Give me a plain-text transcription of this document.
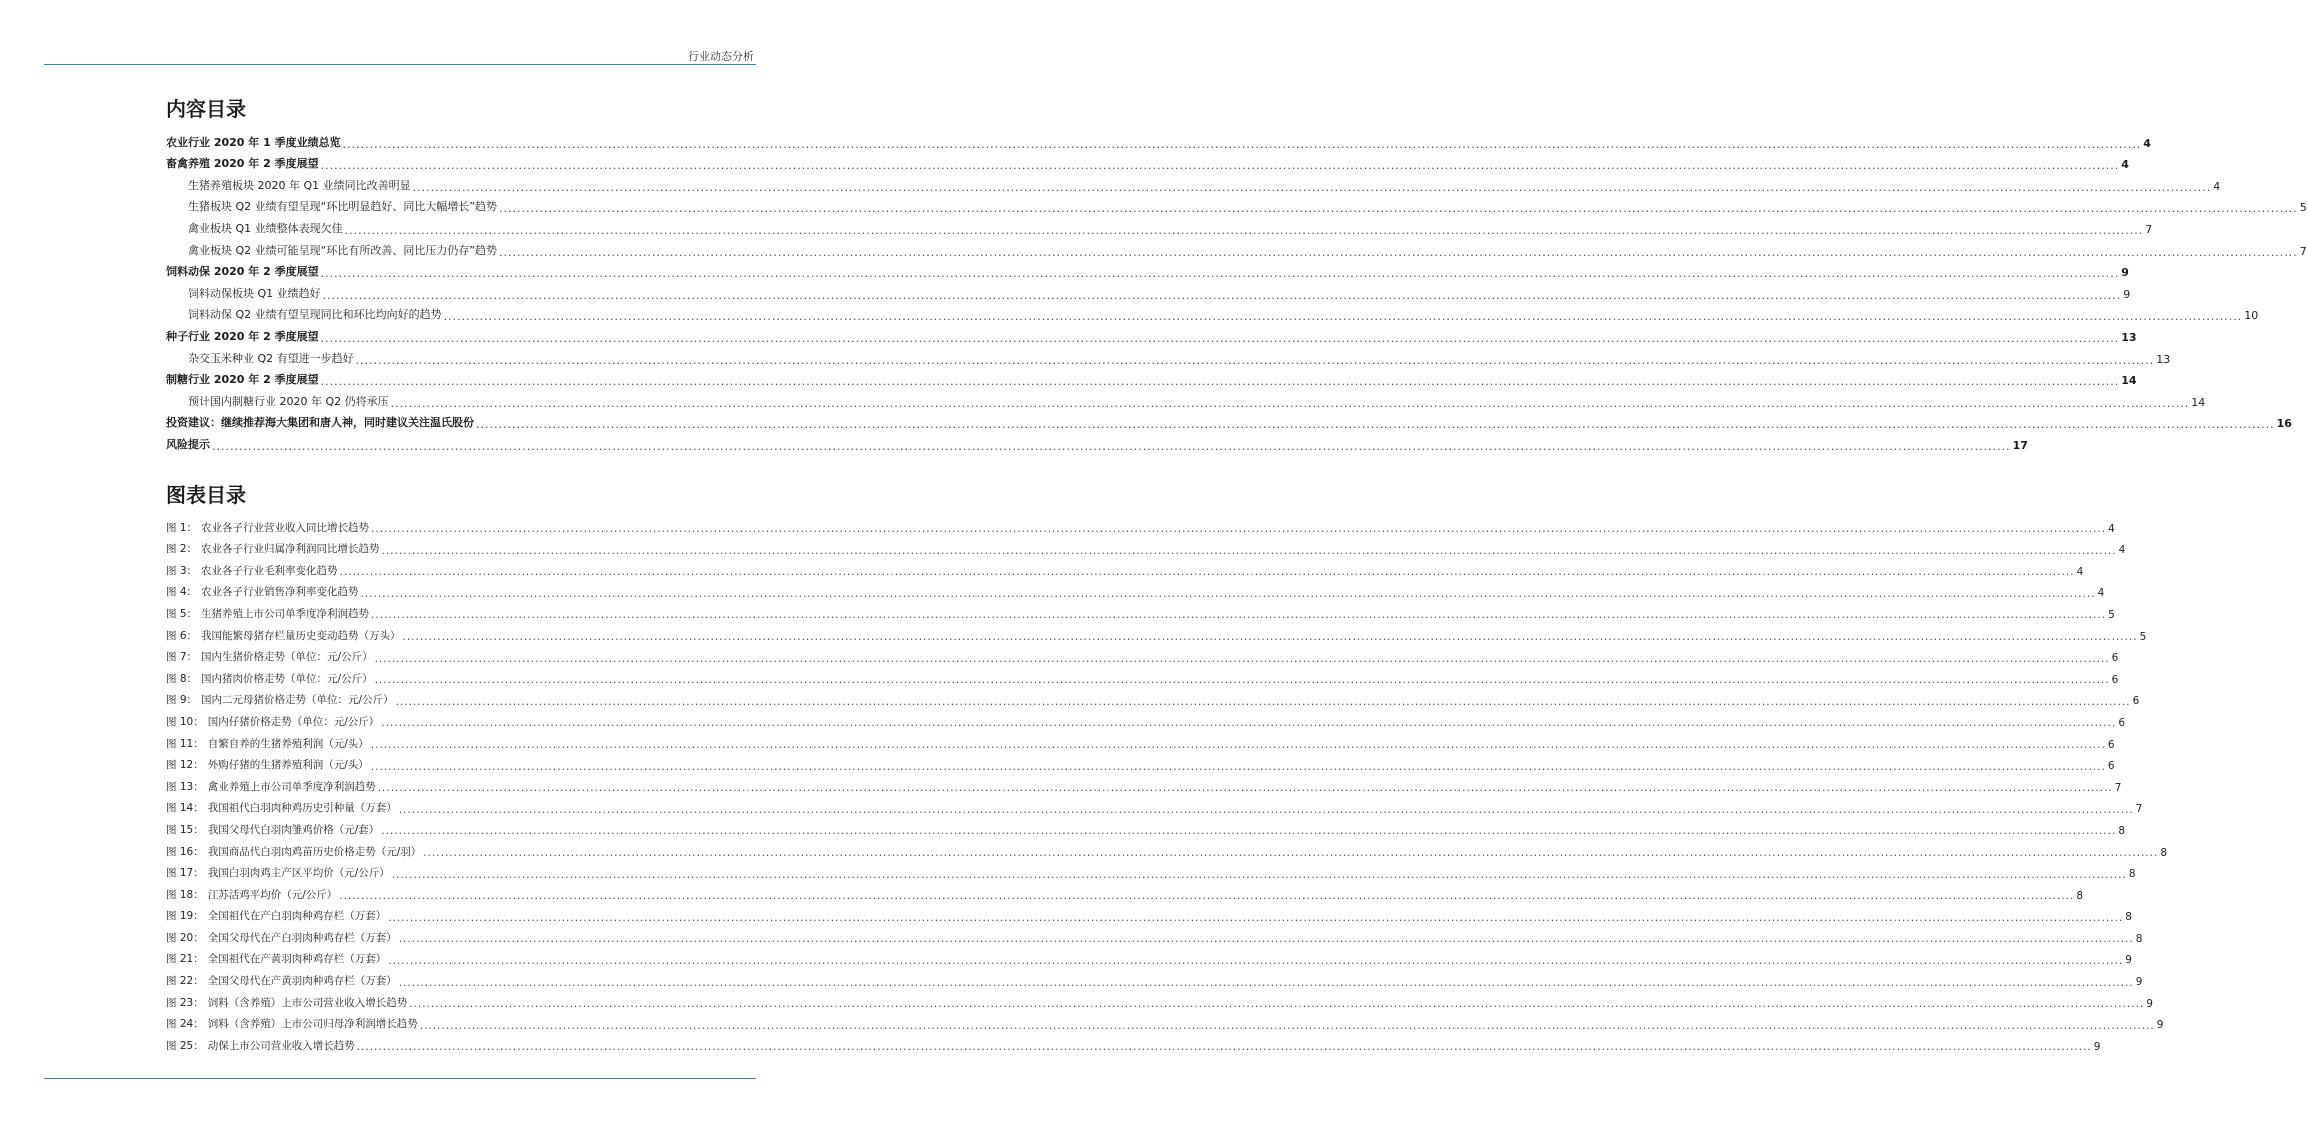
行业动态分析
内容目录
农业行业 2020 年 1 季度业绩总览 ................................................................................................................................................................................................................................................................................................................................................................................................................ 4
畜禽养殖 2020 年 2 季度展望 ................................................................................................................................................................................................................................................................................................................................................................................................................ 4
生猪养殖板块 2020 年 Q1 业绩同比改善明显 ................................................................................................................................................................................................................................................................................................................................................................................................................ 4
生猪板块 Q2 业绩有望呈现“环比明显趋好、同比大幅增长”趋势 ................................................................................................................................................................................................................................................................................................................................................................................................................ 5
禽业板块 Q1 业绩整体表现欠佳 ................................................................................................................................................................................................................................................................................................................................................................................................................ 7
禽业板块 Q2 业绩可能呈现“环比有所改善、同比压力仍存”趋势 ................................................................................................................................................................................................................................................................................................................................................................................................................ 7
饲料动保 2020 年 2 季度展望 ................................................................................................................................................................................................................................................................................................................................................................................................................ 9
饲料动保板块 Q1 业绩趋好 ................................................................................................................................................................................................................................................................................................................................................................................................................ 9
饲料动保 Q2 业绩有望呈现同比和环比均向好的趋势 ................................................................................................................................................................................................................................................................................................................................................................................................................ 10
种子行业 2020 年 2 季度展望 ................................................................................................................................................................................................................................................................................................................................................................................................................ 13
杂交玉米种业 Q2 有望进一步趋好 ................................................................................................................................................................................................................................................................................................................................................................................................................ 13
制糖行业 2020 年 2 季度展望 ................................................................................................................................................................................................................................................................................................................................................................................................................ 14
预计国内制糖行业 2020 年 Q2 仍将承压 ................................................................................................................................................................................................................................................................................................................................................................................................................ 14
投资建议：继续推荐海大集团和唐人神，同时建议关注温氏股份 ................................................................................................................................................................................................................................................................................................................................................................................................................ 16
风险提示 ................................................................................................................................................................................................................................................................................................................................................................................................................ 17
图表目录
图 1： 农业各子行业营业收入同比增长趋势 ................................................................................................................................................................................................................................................................................................................................................................................................................ 4
图 2： 农业各子行业归属净利润同比增长趋势 ................................................................................................................................................................................................................................................................................................................................................................................................................ 4
图 3： 农业各子行业毛利率变化趋势 ................................................................................................................................................................................................................................................................................................................................................................................................................ 4
图 4： 农业各子行业销售净利率变化趋势 ................................................................................................................................................................................................................................................................................................................................................................................................................ 4
图 5： 生猪养殖上市公司单季度净利润趋势 ................................................................................................................................................................................................................................................................................................................................................................................................................ 5
图 6： 我国能繁母猪存栏量历史变动趋势（万头） ................................................................................................................................................................................................................................................................................................................................................................................................................ 5
图 7： 国内生猪价格走势（单位：元/公斤） ................................................................................................................................................................................................................................................................................................................................................................................................................ 6
图 8： 国内猪肉价格走势（单位：元/公斤） ................................................................................................................................................................................................................................................................................................................................................................................................................ 6
图 9： 国内二元母猪价格走势（单位：元/公斤） ................................................................................................................................................................................................................................................................................................................................................................................................................ 6
图 10： 国内仔猪价格走势（单位：元/公斤） ................................................................................................................................................................................................................................................................................................................................................................................................................ 6
图 11： 自繁自养的生猪养殖利润（元/头） ................................................................................................................................................................................................................................................................................................................................................................................................................ 6
图 12： 外购仔猪的生猪养殖利润（元/头） ................................................................................................................................................................................................................................................................................................................................................................................................................ 6
图 13： 禽业养殖上市公司单季度净利润趋势 ................................................................................................................................................................................................................................................................................................................................................................................................................ 7
图 14： 我国祖代白羽肉种鸡历史引种量（万套） ................................................................................................................................................................................................................................................................................................................................................................................................................ 7
图 15： 我国父母代白羽肉雏鸡价格（元/套） ................................................................................................................................................................................................................................................................................................................................................................................................................ 8
图 16： 我国商品代白羽肉鸡苗历史价格走势（元/羽） ................................................................................................................................................................................................................................................................................................................................................................................................................ 8
图 17： 我国白羽肉鸡主产区平均价（元/公斤） ................................................................................................................................................................................................................................................................................................................................................................................................................ 8
图 18： 江苏活鸡平均价（元/公斤） ................................................................................................................................................................................................................................................................................................................................................................................................................ 8
图 19： 全国祖代在产白羽肉种鸡存栏（万套） ................................................................................................................................................................................................................................................................................................................................................................................................................ 8
图 20： 全国父母代在产白羽肉种鸡存栏（万套） ................................................................................................................................................................................................................................................................................................................................................................................................................ 8
图 21： 全国祖代在产黄羽肉种鸡存栏（万套） ................................................................................................................................................................................................................................................................................................................................................................................................................ 9
图 22： 全国父母代在产黄羽肉种鸡存栏（万套） ................................................................................................................................................................................................................................................................................................................................................................................................................ 9
图 23： 饲料（含养殖）上市公司营业收入增长趋势 ................................................................................................................................................................................................................................................................................................................................................................................................................ 9
图 24： 饲料（含养殖）上市公司归母净利润增长趋势 ................................................................................................................................................................................................................................................................................................................................................................................................................ 9
图 25： 动保上市公司营业收入增长趋势 ................................................................................................................................................................................................................................................................................................................................................................................................................ 9
